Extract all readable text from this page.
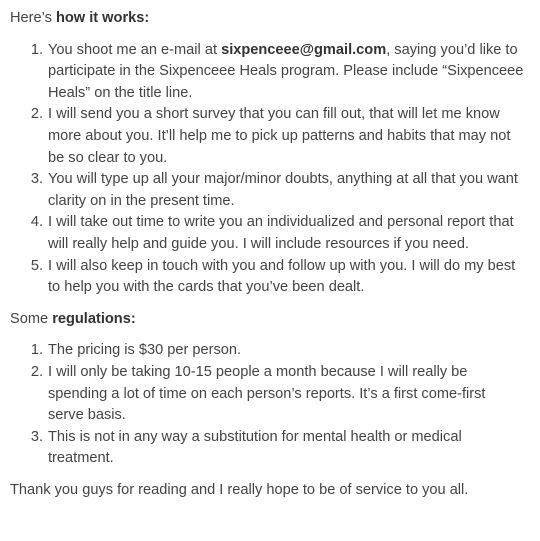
Here’s how it works:

1. You shoot me an e-mail at sixpenceee@gmail.com, saying you’d like to participate in the Sixpenceee Heals program. Please include “Sixpenceee Heals” on the title line.
2. I will send you a short survey that you can fill out, that will let me know more about you. It’ll help me to pick up patterns and habits that may not be so clear to you.
3. You will type up all your major/minor doubts, anything at all that you want clarity on in the present time.
4. I will take out time to write you an individualized and personal report that will really help and guide you. I will include resources if you need.
5. I will also keep in touch with you and follow up with you. I will do my best to help you with the cards that you’ve been dealt.

Some regulations:

1. The pricing is $30 per person.
2. I will only be taking 10-15 people a month because I will really be spending a lot of time on each person’s reports. It’s a first come-first serve basis.
3. This is not in any way a substitution for mental health or medical treatment.

Thank you guys for reading and I really hope to be of service to you all.
